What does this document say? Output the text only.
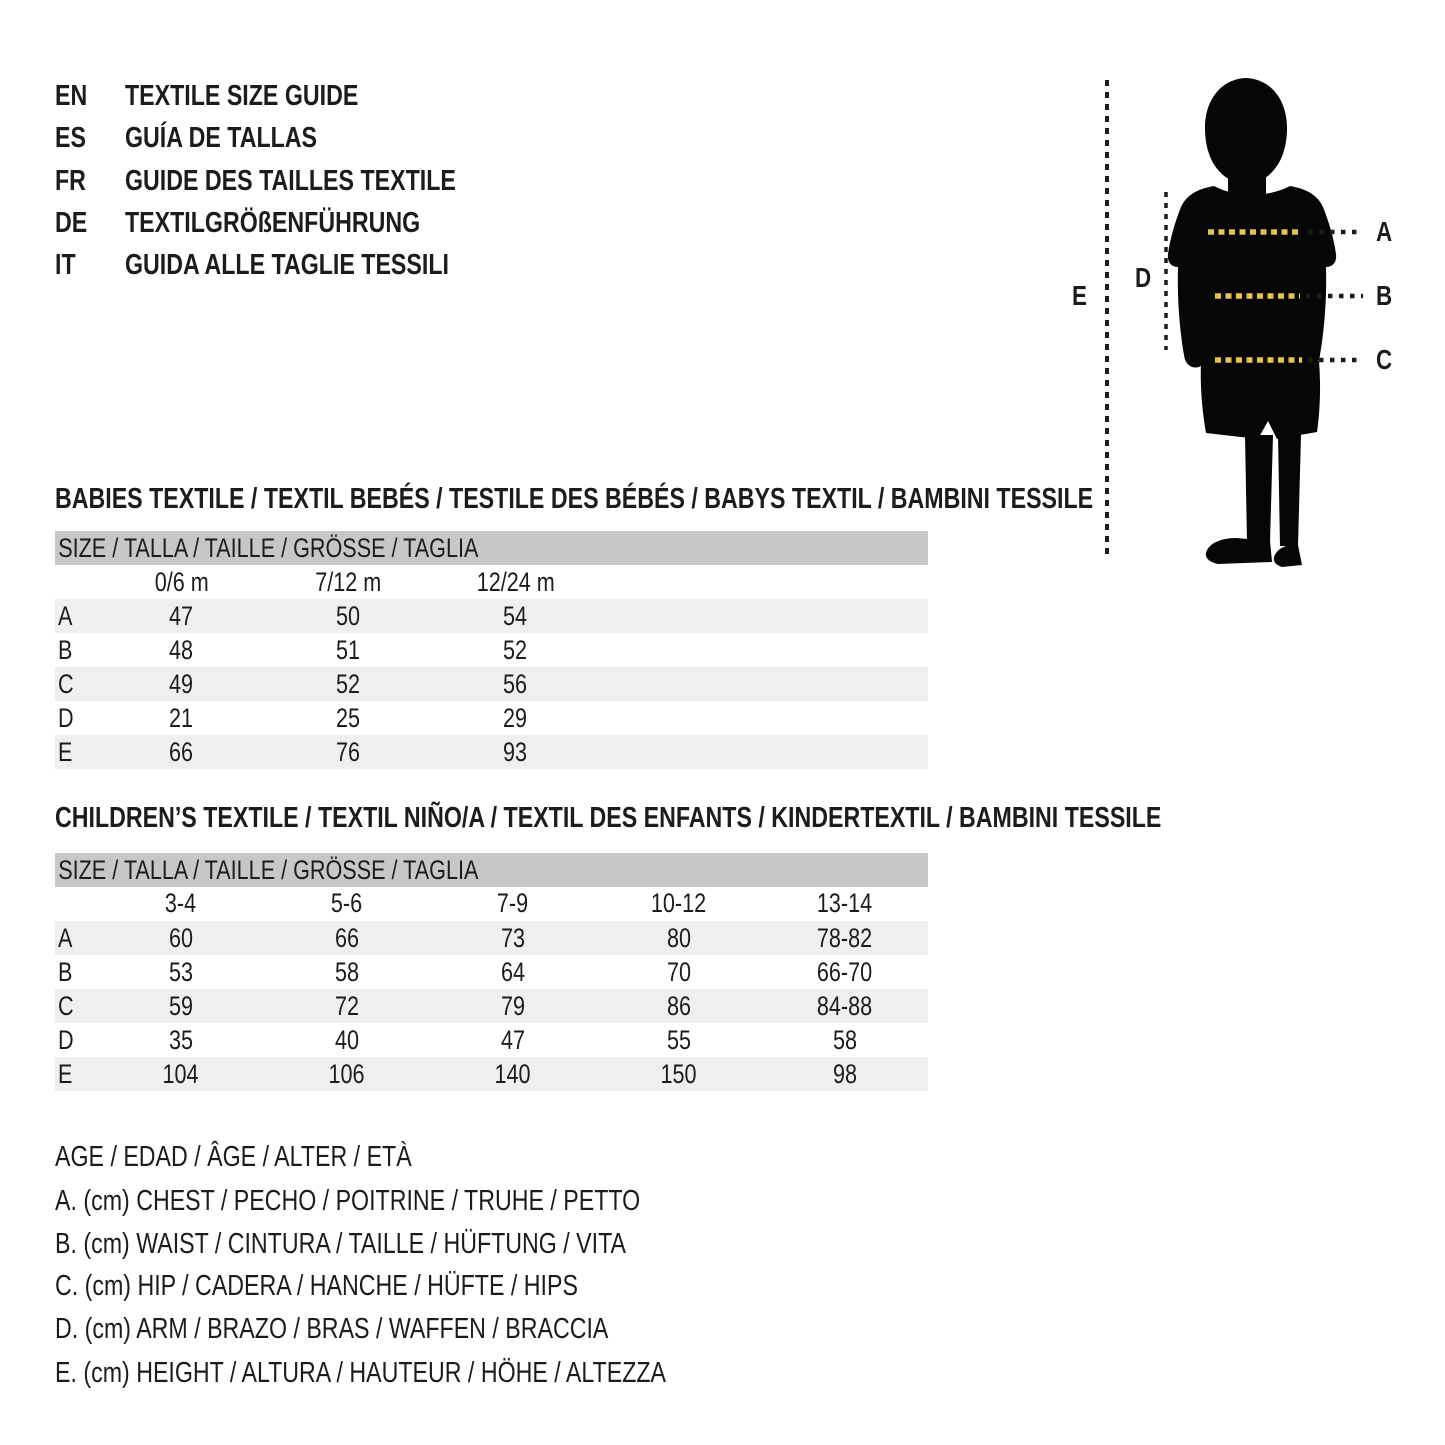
EN TEXTILE SIZE GUIDE
ES GUÍA DE TALLAS
FR GUIDE DES TAILLES TEXTILE
DE TEXTILGRÖßENFÜHRUNG
IT GUIDA ALLE TAGLIE TESSILI
A
B
C
D
E
BABIES TEXTILE / TEXTIL BEBÉS / TESTILE DES BÉBÉS / BABYS TEXTIL / BAMBINI TESSILE
SIZE / TALLA / TAILLE / GRÖSSE / TAGLIA
0/6 m	7/12 m	12/24 m
A	47	50	54
B	48	51	52
C	49	52	56
D	21	25	29
E	66	76	93
CHILDREN’S TEXTILE / TEXTIL NIÑO/A / TEXTIL DES ENFANTS / KINDERTEXTIL / BAMBINI TESSILE
SIZE / TALLA / TAILLE / GRÖSSE / TAGLIA
3-4	5-6	7-9	10-12	13-14
A	60	66	73	80	78-82
B	53	58	64	70	66-70
C	59	72	79	86	84-88
D	35	40	47	55	58
E	104	106	140	150	98
AGE / EDAD / ÂGE / ALTER / ETÀ
A. (cm) CHEST / PECHO / POITRINE / TRUHE / PETTO
B. (cm) WAIST / CINTURA / TAILLE / HÜFTUNG / VITA
C. (cm) HIP / CADERA / HANCHE / HÜFTE / HIPS
D. (cm) ARM / BRAZO / BRAS / WAFFEN / BRACCIA
E. (cm) HEIGHT / ALTURA / HAUTEUR / HÖHE / ALTEZZA
